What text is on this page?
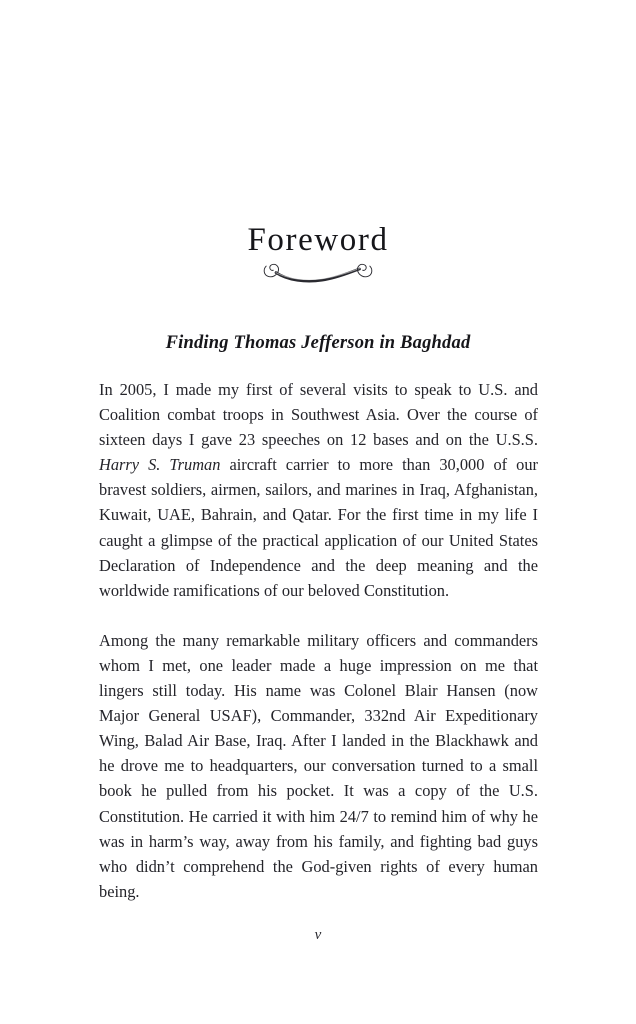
Foreword
Finding Thomas Jefferson in Baghdad

In 2005, I made my first of several visits to speak to U.S. and Coalition combat troops in Southwest Asia. Over the course of sixteen days I gave 23 speeches on 12 bases and on the U.S.S. Harry S. Truman aircraft carrier to more than 30,000 of our bravest soldiers, airmen, sailors, and marines in Iraq, Afghanistan, Kuwait, UAE, Bahrain, and Qatar. For the first time in my life I caught a glimpse of the practical application of our United States Declaration of Independence and the deep meaning and the worldwide ramifications of our beloved Constitution.

Among the many remarkable military officers and commanders whom I met, one leader made a huge impression on me that lingers still today. His name was Colonel Blair Hansen (now Major General USAF), Commander, 332nd Air Expeditionary Wing, Balad Air Base, Iraq. After I landed in the Blackhawk and he drove me to headquarters, our conversation turned to a small book he pulled from his pocket. It was a copy of the U.S. Constitution. He carried it with him 24/7 to remind him of why he was in harm’s way, away from his family, and fighting bad guys who didn’t comprehend the God-given rights of every human being.

v
